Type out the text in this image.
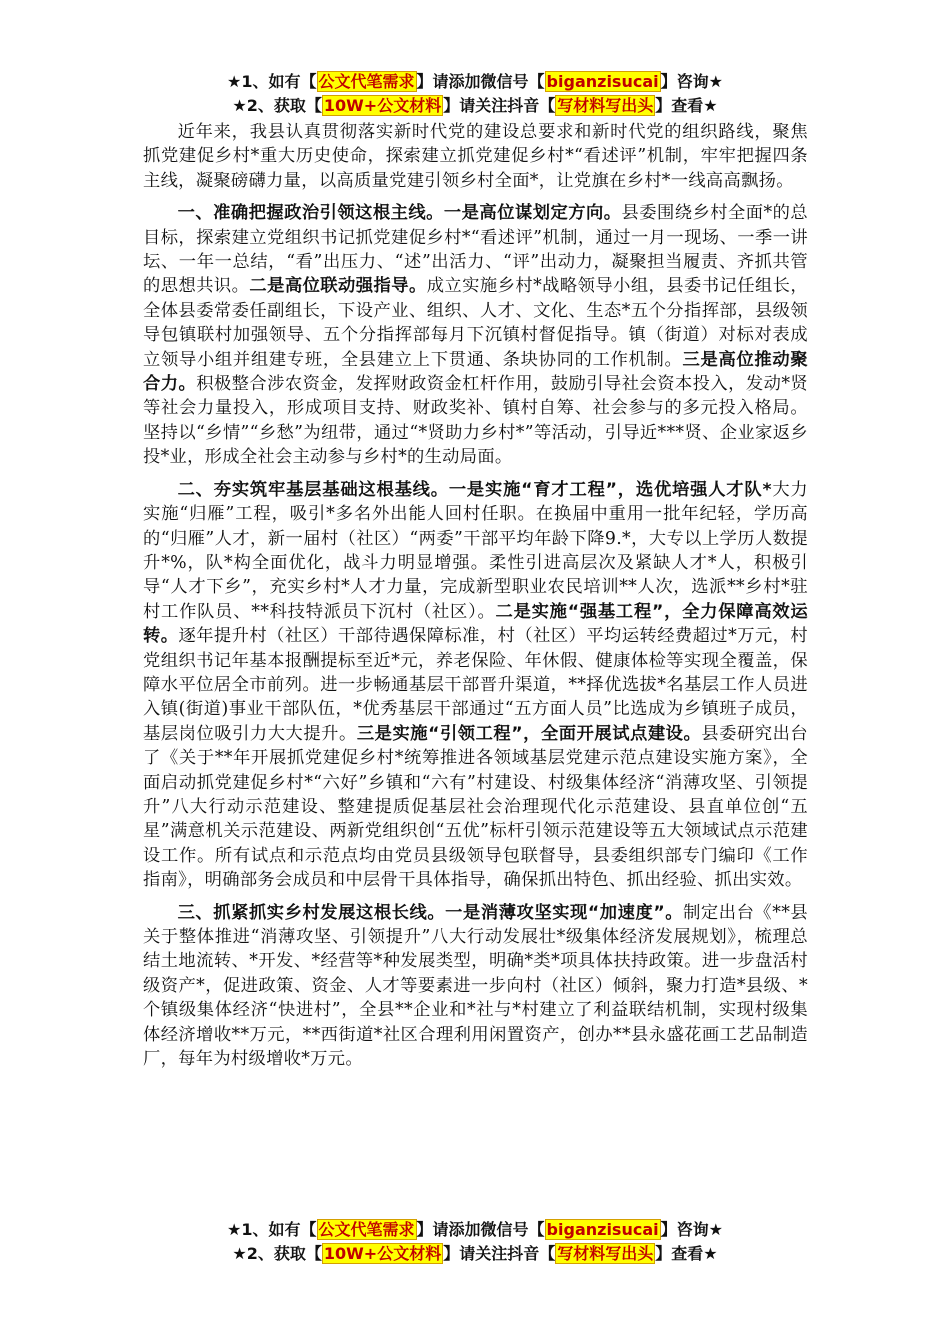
★1、如有【 公文代笔需求 】请添加微信号【 biganzisucai 】咨询★
★2、获取【 10W+公文材料 】请关注抖音【 写材料写出头 】查看★

近年来，我县认真贯彻落实新时代党的建设总要求和新时代党的组织路线，聚焦抓党建促乡村*重大历史使命，探索建立抓党建促乡村*“看述评”机制，牢牢把握四条主线，凝聚磅礴力量，以高质量党建引领乡村全面*，让党旗在乡村*一线高高飘扬。

一、准确把握政治引领这根主线。一是高位谋划定方向。县委围绕乡村全面*的总目标，探索建立党组织书记抓党建促乡村*“看述评”机制，通过一月一现场、一季一讲坛、一年一总结，“看”出压力、“述”出活力、“评”出动力，凝聚担当履责、齐抓共管的思想共识。二是高位联动强指导。成立实施乡村*战略领导小组，县委书记任组长，全体县委常委任副组长，下设产业、组织、人才、文化、生态*五个分指挥部，县级领导包镇联村加强领导、五个分指挥部每月下沉镇村督促指导。镇（街道）对标对表成立领导小组并组建专班，全县建立上下贯通、条块协同的工作机制。三是高位推动聚合力。积极整合涉农资金，发挥财政资金杠杆作用，鼓励引导社会资本投入，发动*贤等社会力量投入，形成项目支持、财政奖补、镇村自筹、社会参与的多元投入格局。坚持以“乡情”“乡愁”为纽带，通过“*贤助力乡村*”等活动，引导近***贤、企业家返乡投*业，形成全社会主动参与乡村*的生动局面。

二、夯实筑牢基层基础这根基线。一是实施“育才工程”，选优培强人才队*大力实施“归雁”工程，吸引*多名外出能人回村任职。在换届中重用一批年纪轻，学历高的“归雁”人才，新一届村（社区）“两委”干部平均年龄下降9.*，大专以上学历人数提升*%，队*构全面优化，战斗力明显增强。柔性引进高层次及紧缺人才*人，积极引导“人才下乡”，充实乡村*人才力量，完成新型职业农民培训**人次，选派**乡村*驻村工作队员、**科技特派员下沉村（社区）。二是实施“强基工程”，全力保障高效运转。逐年提升村（社区）干部待遇保障标准，村（社区）平均运转经费超过*万元，村党组织书记年基本报酬提标至近*元，养老保险、年休假、健康体检等实现全覆盖，保障水平位居全市前列。进一步畅通基层干部晋升渠道，**择优选拔*名基层工作人员进入镇(街道)事业干部队伍，*优秀基层干部通过“五方面人员”比选成为乡镇班子成员，基层岗位吸引力大大提升。三是实施“引领工程”，全面开展试点建设。县委研究出台了《关于**年开展抓党建促乡村*统筹推进各领域基层党建示范点建设实施方案》，全面启动抓党建促乡村*“六好”乡镇和“六有”村建设、村级集体经济“消薄攻坚、引领提升”八大行动示范建设、整建提质促基层社会治理现代化示范建设、县直单位创“五星”满意机关示范建设、两新党组织创“五优”标杆引领示范建设等五大领域试点示范建设工作。所有试点和示范点均由党员县级领导包联督导，县委组织部专门编印《工作指南》，明确部务会成员和中层骨干具体指导，确保抓出特色、抓出经验、抓出实效。

三、抓紧抓实乡村发展这根长线。一是消薄攻坚实现“加速度”。制定出台《**县关于整体推进“消薄攻坚、引领提升”八大行动发展壮*级集体经济发展规划》，梳理总结土地流转、*开发、*经营等*种发展类型，明确*类*项具体扶持政策。进一步盘活村级资产*，促进政策、资金、人才等要素进一步向村（社区）倾斜，聚力打造*县级、*个镇级集体经济“快进村”，全县**企业和*社与*村建立了利益联结机制，实现村级集体经济增收**万元，**西街道*社区合理利用闲置资产，创办**县永盛花画工艺品制造厂，每年为村级增收*万元。

★1、如有【 公文代笔需求 】请添加微信号【 biganzisucai 】咨询★
★2、获取【 10W+公文材料 】请关注抖音【 写材料写出头 】查看★
